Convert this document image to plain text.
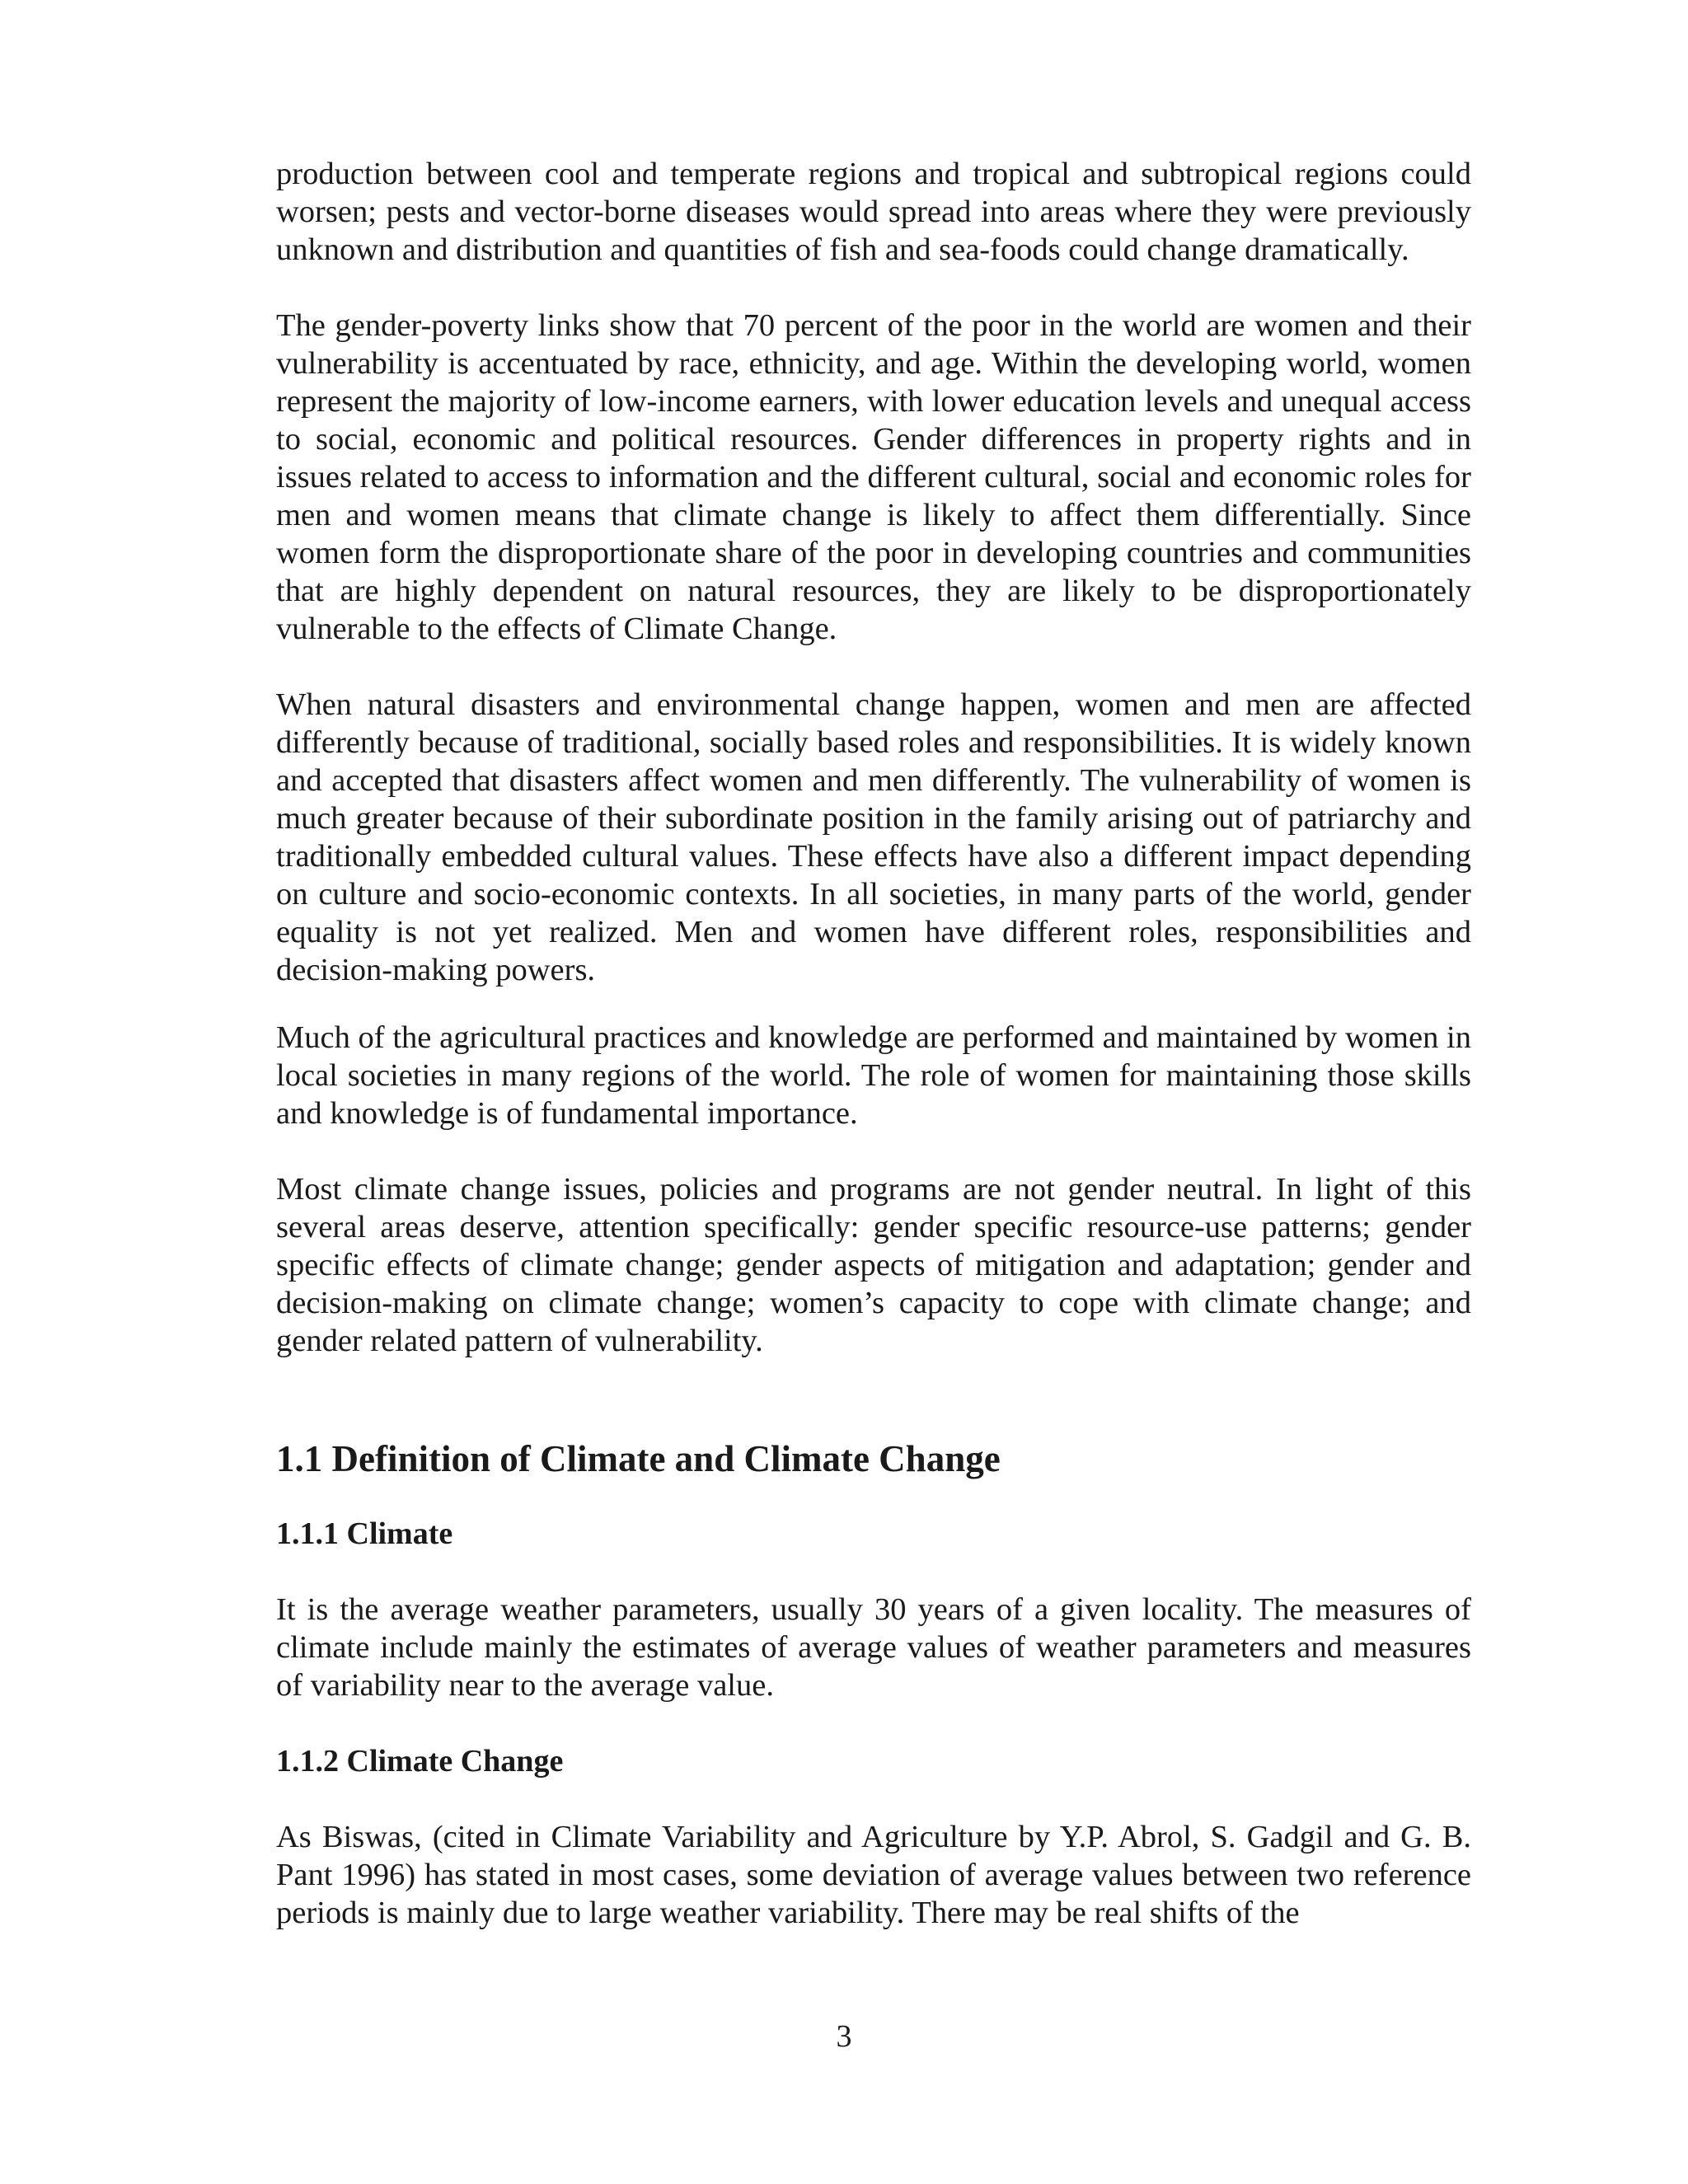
production between cool and temperate regions and tropical and subtropical regions could worsen; pests and vector-borne diseases would spread into areas where they were previously unknown and distribution and quantities of fish and sea-foods could change dramatically.

The gender-poverty links show that 70 percent of the poor in the world are women and their vulnerability is accentuated by race, ethnicity, and age. Within the developing world, women represent the majority of low-income earners, with lower education levels and unequal access to social, economic and political resources. Gender differences in property rights and in issues related to access to information and the different cultural, social and economic roles for men and women means that climate change is likely to affect them differentially. Since women form the disproportionate share of the poor in developing countries and communities that are highly dependent on natural resources, they are likely to be disproportionately vulnerable to the effects of Climate Change.

When natural disasters and environmental change happen, women and men are affected differently because of traditional, socially based roles and responsibilities. It is widely known and accepted that disasters affect women and men differently. The vulnerability of women is much greater because of their subordinate position in the family arising out of patriarchy and traditionally embedded cultural values. These effects have also a different impact depending on culture and socio-economic contexts. In all societies, in many parts of the world, gender equality is not yet realized. Men and women have different roles, responsibilities and decision-making powers.

Much of the agricultural practices and knowledge are performed and maintained by women in local societies in many regions of the world. The role of women for maintaining those skills and knowledge is of fundamental importance.

Most climate change issues, policies and programs are not gender neutral. In light of this several areas deserve, attention specifically: gender specific resource-use patterns; gender specific effects of climate change; gender aspects of mitigation and adaptation; gender and decision-making on climate change; women’s capacity to cope with climate change; and gender related pattern of vulnerability.

1.1 Definition of Climate and Climate Change
1.1.1 Climate

It is the average weather parameters, usually 30 years of a given locality. The measures of climate include mainly the estimates of average values of weather parameters and measures of variability near to the average value.

1.1.2 Climate Change

As Biswas, (cited in Climate Variability and Agriculture by Y.P. Abrol, S. Gadgil and G. B. Pant 1996) has stated in most cases, some deviation of average values between two reference periods is mainly due to large weather variability. There may be real shifts of the

3
